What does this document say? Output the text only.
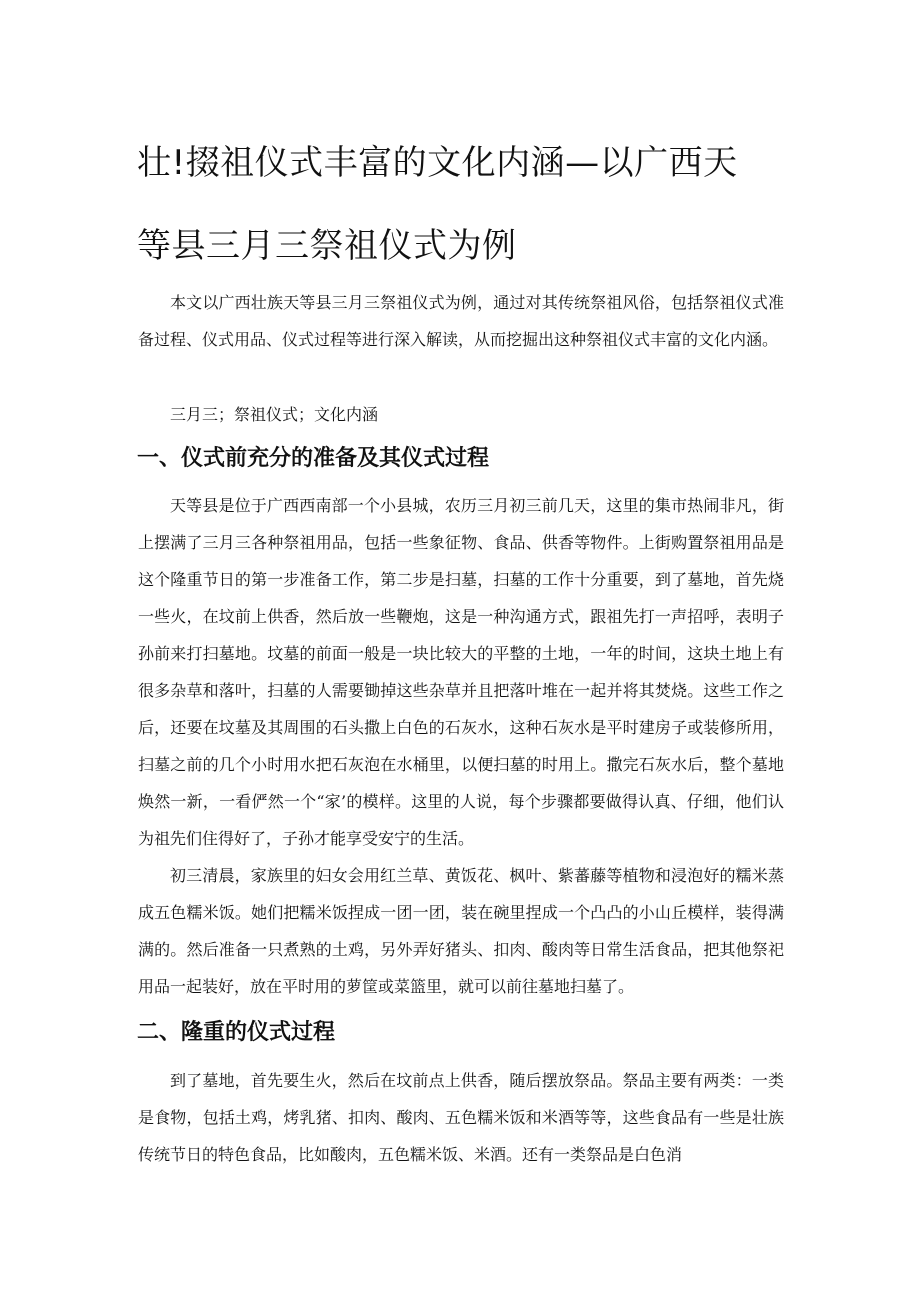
壮!掇祖仪式丰富的文化内涵—以广西天
等县三月三祭祖仪式为例

本文以广西壮族天等县三月三祭祖仪式为例，通过对其传统祭祖风俗，包括祭祖仪式准备过程、仪式用品、仪式过程等进行深入解读，从而挖掘出这种祭祖仪式丰富的文化内涵。

三月三；祭祖仪式；文化内涵

一、仪式前充分的准备及其仪式过程

天等县是位于广西西南部一个小县城，农历三月初三前几天，这里的集市热闹非凡，街上摆满了三月三各种祭祖用品，包括一些象征物、食品、供香等物件。上街购置祭祖用品是这个隆重节日的第一步准备工作，第二步是扫墓，扫墓的工作十分重要，到了墓地，首先烧一些火，在坟前上供香，然后放一些鞭炮，这是一种沟通方式，跟祖先打一声招呼，表明子孙前来打扫墓地。坟墓的前面一般是一块比较大的平整的土地，一年的时间，这块土地上有很多杂草和落叶，扫墓的人需要锄掉这些杂草并且把落叶堆在一起并将其焚烧。这些工作之后，还要在坟墓及其周围的石头撒上白色的石灰水，这种石灰水是平时建房子或装修所用，扫墓之前的几个小时用水把石灰泡在水桶里，以便扫墓的时用上。撒完石灰水后，整个墓地焕然一新，一看俨然一个“家’的模样。这里的人说，每个步骤都要做得认真、仔细，他们认为祖先们住得好了，子孙才能享受安宁的生活。

初三清晨，家族里的妇女会用红兰草、黄饭花、枫叶、紫蕃藤等植物和浸泡好的糯米蒸成五色糯米饭。她们把糯米饭捏成一团一团，装在碗里捏成一个凸凸的小山丘模样，装得满满的。然后准备一只煮熟的土鸡，另外弄好猪头、扣肉、酸肉等日常生活食品，把其他祭祀用品一起装好，放在平时用的萝筐或菜篮里，就可以前往墓地扫墓了。

二、隆重的仪式过程

到了墓地，首先要生火，然后在坟前点上供香，随后摆放祭品。祭品主要有两类：一类是食物，包括土鸡，烤乳猪、扣肉、酸肉、五色糯米饭和米酒等等，这些食品有一些是壮族传统节日的特色食品，比如酸肉，五色糯米饭、米酒。还有一类祭品是白色消
